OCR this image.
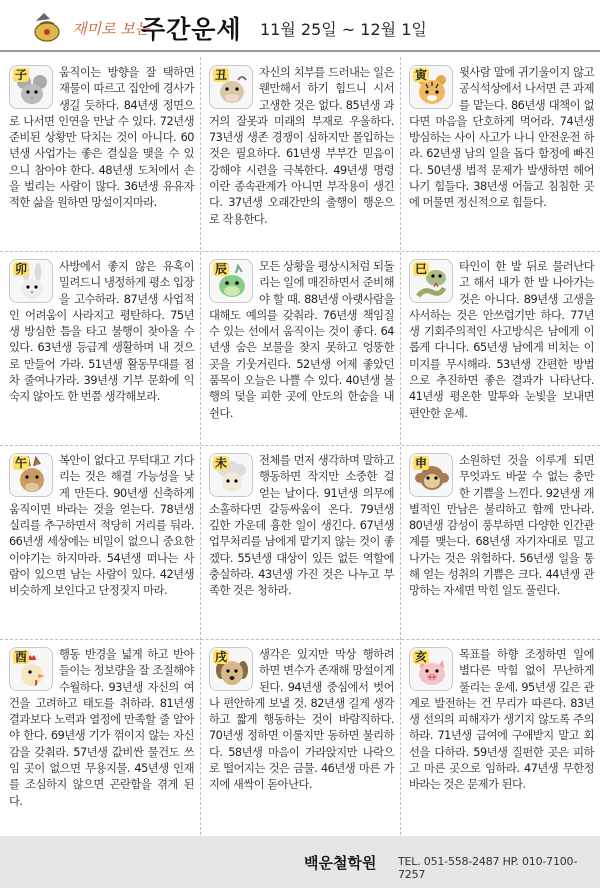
재미로 보는
주간운세 11월 25일 ~ 12월 1일
子	움직이는 방향을 잘 택하면 재물이 따르고 집안에 경사가 생길 듯하다. 84년생 정면으로 나서면 인연을 만날 수 있다. 72년생 준비된 상황만 닥치는 것이 아니다. 60년생 사업가는 좋은 결실을 맺을 수 있으니 참아야 한다. 48년생 도처에서 손을 벌리는 사람이 많다. 36년생 유유자적한 삶을 원하면 망설이지마라.

丑	자신의 치부를 드러내는 일은 웬만해서 하기 힘드니 시서 고생한 것은 없다. 85년생 과거의 잘못과 미래의 부재로 우울하다. 73년생 생존 경쟁이 심하지만 몰입하는 것은 필요하다. 61년생 부부간 믿음이 강해야 시련을 극복한다. 49년생 명령이란 종속관계가 아니면 부작용이 생긴다. 37년생 오래간만의 출행이 행운으로 작용한다.

寅	윗사람 말에 귀기울이지 않고 공식석상에서 나서면 큰 과제를 맡는다. 86년생 대책이 없다면 마음을 단호하게 먹어라. 74년생 방심하는 사이 사고가 나니 안전운전 하라. 62년생 남의 일을 돕다 함정에 빠진다. 50년생 법적 문제가 발생하면 헤어나기 힘들다. 38년생 어둡고 침침한 곳에 머물면 정신적으로 힘들다.

卯	사방에서 좋지 않은 유혹이 밀려드니 냉정하게 평소 입장을 고수하라. 87년생 사업적인 어려움이 사라지고 평탄하다. 75년생 방심한 틈을 타고 불행이 찾아올 수 있다. 63년생 등급계 생활하며 내 것으로 만들어 가라. 51년생 활동무대를 점차 줄여나가라. 39년생 기부 문화에 익숙지 않아도 한 번쯤 생각해보라.

辰	모든 상황을 평상시처럼 되돌리는 일에 매진하면서 준비해야 할 때. 88년생 아랫사람을 대해도 예의를 갖춰라. 76년생 책임질 수 있는 선에서 움직이는 것이 좋다. 64년생 숨은 보물을 찾지 못하고 엉뚱한 곳을 기웃거린다. 52년생 어제 좋았던 품목이 오늘은 나쁠 수 있다. 40년생 불행의 덫을 피한 곳에 안도의 한숨을 내쉰다.

巳	타인이 한 발 뒤로 물러난다고 해서 내가 한 발 나아가는 것은 아니다. 89년생 고생을 사서하는 것은 안쓰럽기만 하다. 77년생 기회주의적인 사고방식은 남에게 이롭게 다니다. 65년생 남에게 비치는 이미지를 무시해라. 53년생 간편한 방법으로 추진하면 좋은 결과가 나타난다. 41년생 평온한 말투와 눈빛을 보내면 편안한 운세.

午	복안이 없다고 무턱대고 기다리는 것은 해결 가능성을 낮게 만든다. 90년생 신축하게 움직이면 바라는 것을 얻는다. 78년생 실리를 추구하면서 적당히 거리를 둬라. 66년생 세상에는 비밀이 없으니 중요한 이야기는 하지마라. 54년생 떠나는 사람이 있으면 남는 사람이 있다. 42년생 비슷하게 보인다고 단정짓지 마라.

未	전체를 먼저 생각하며 말하고 행동하면 작지만 소중한 걸 얻는 날이다. 91년생 의무에 소홀하다면 갈등싸움이 온다. 79년생 깊한 가운데 흉한 일이 생긴다. 67년생 업무처리를 남에게 맡기지 않는 것이 좋겠다. 55년생 대상이 있든 없든 역할에 충실하라. 43년생 가진 것은 나누고 부족한 것은 청하라.

申	소원하던 것을 이루게 되면 무엇과도 바꿀 수 없는 충만한 기쁨을 느낀다. 92년생 개별적인 만남은 불리하고 함께 만나라. 80년생 감성이 풍부하면 다양한 인간관계를 맺는다. 68년생 자기자대로 밀고 나가는 것은 위험하다. 56년생 일을 통해 얻는 성취의 기쁨은 크다. 44년생 관망하는 자세면 막힌 일도 풀린다.

酉	행동 반경을 넓게 하고 반아들이는 정보량을 잘 조절해야 수월하다. 93년생 자신의 여건을 고려하고 태도를 취하라. 81년생 결과보다 노력과 열정에 만족할 줄 알아야 한다. 69년생 기가 꺾이지 않는 자신감을 갖춰라. 57년생 값비싼 물건도 쓰임 곳이 없으면 무용지물. 45년생 인재를 조심하지 않으면 곤란함을 겪게 된다.

戌	생각은 있지만 막상 행하려 하면 변수가 존재해 망설이게 된다. 94년생 중심에서 벗어나 편안하게 보낼 것. 82년생 길게 생각하고 짧게 행동하는 것이 바람직하다. 70년생 정하면 이룰지만 동하면 불리하다. 58년생 마음이 가라앉지만 나락으로 떨어지는 것은 금물. 46년생 마른 가지에 새싹이 돋아난다.

亥	목표를 하향 조정하면 일에 별다른 막힘 없이 무난하게 풀리는 운세. 95년생 깊은 관계로 발전하는 건 무리가 따른다. 83년생 선의의 피해자가 생기지 않도록 주의하라. 71년생 급여에 구애받지 말고 회선을 다하라. 59년생 질펀한 곳은 피하고 마른 곳으로 임하라. 47년생 무한정 바라는 것은 문제가 된다.

백운철학원 TEL. 051-558-2487 HP. 010-7100-7257
